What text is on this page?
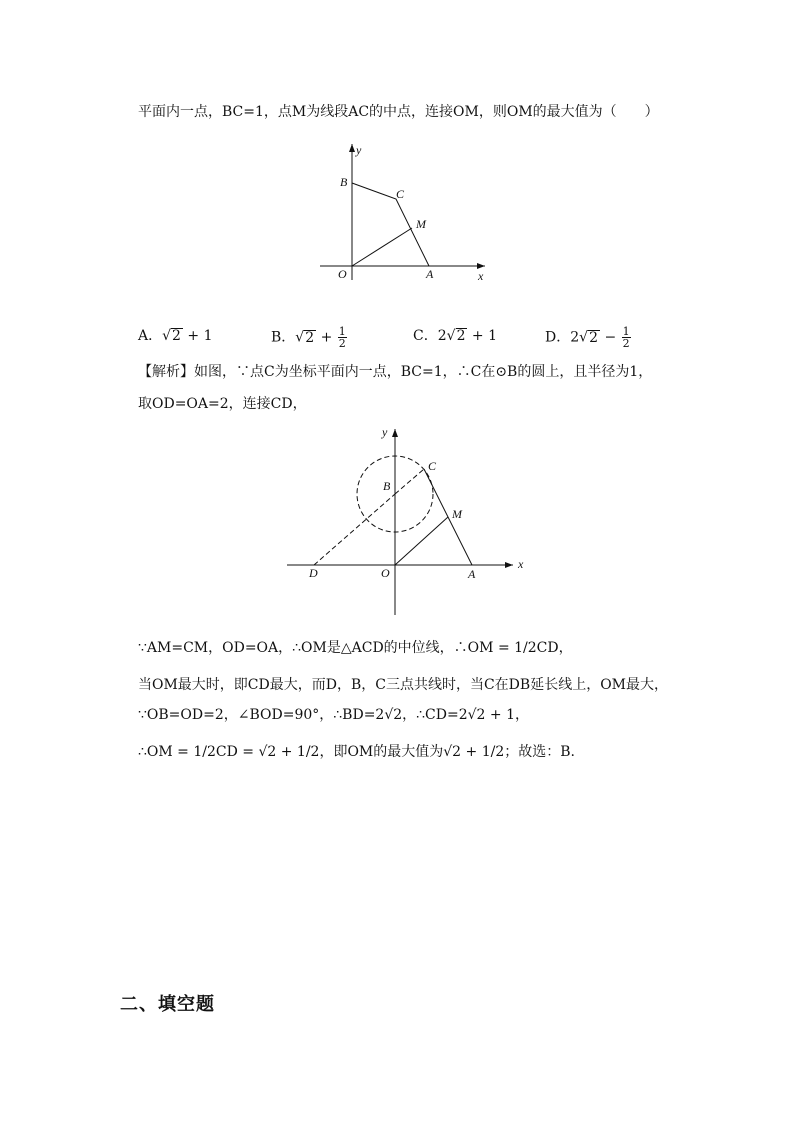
平面内一点，BC=1，点M为线段AC的中点，连接OM，则OM的最大值为（　　）
y
B
C
M
O	A	x
A．√2 + 1	B．$√2 + \frac{1}{2}$	C．2√2 + 1	D．$2√2 - \frac{1}{2}$
【解析】如图，∵点C为坐标平面内一点，BC=1，∴C在⊙B的圆上，且半径为1，
取OD=OA=2，连接CD，
y
C
B
M
D	O	A
x
∵AM=CM，OD=OA，∴OM是△ACD的中位线，∴OM = 1/2CD，
当OM最大时，即CD最大，而D，B，C三点共线时，当C在DB延长线上，OM最大，
∵OB=OD=2，∠BOD=90°，∴BD=2√2，∴CD=2√2 + 1，
∴OM = 1/2CD = √2 + 1/2，即OM的最大值为√2 + 1/2；故选：B.
二、填空题
